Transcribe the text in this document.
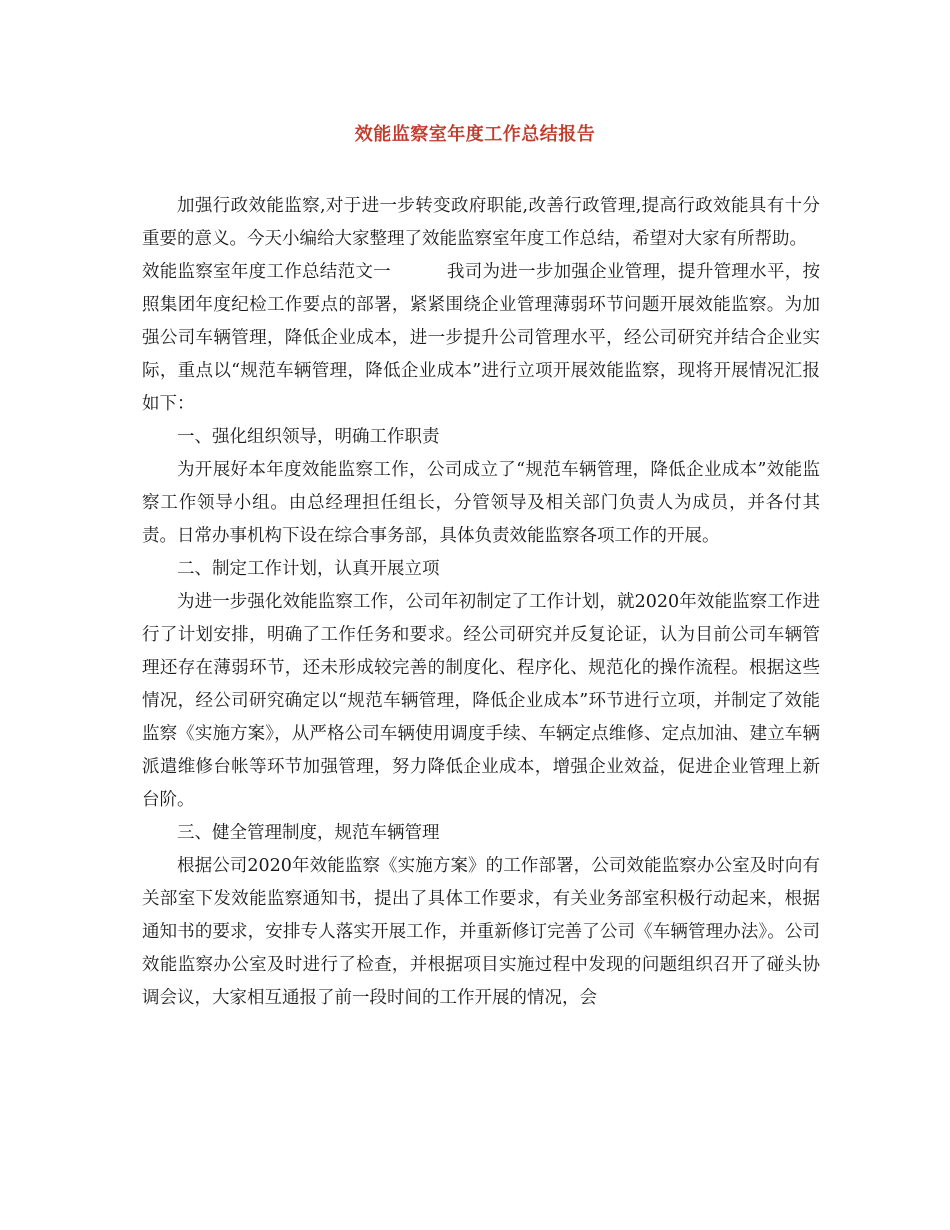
效能监察室年度工作总结报告

加强行政效能监察,对于进一步转变政府职能,改善行政管理,提高行政效能具有十分重要的意义。今天小编给大家整理了效能监察室年度工作总结，希望对大家有所帮助。

效能监察室年度工作总结范文一	我司为进一步加强企业管理，提升管理水平，按照集团年度纪检工作要点的部署，紧紧围绕企业管理薄弱环节问题开展效能监察。为加强公司车辆管理，降低企业成本，进一步提升公司管理水平，经公司研究并结合企业实际，重点以“规范车辆管理，降低企业成本”进行立项开展效能监察，现将开展情况汇报如下：

一、强化组织领导，明确工作职责

为开展好本年度效能监察工作，公司成立了“规范车辆管理，降低企业成本”效能监察工作领导小组。由总经理担任组长，分管领导及相关部门负责人为成员，并各付其责。日常办事机构下设在综合事务部，具体负责效能监察各项工作的开展。

二、制定工作计划，认真开展立项

为进一步强化效能监察工作，公司年初制定了工作计划，就2020年效能监察工作进行了计划安排，明确了工作任务和要求。经公司研究并反复论证，认为目前公司车辆管理还存在薄弱环节，还未形成较完善的制度化、程序化、规范化的操作流程。根据这些情况，经公司研究确定以“规范车辆管理，降低企业成本”环节进行立项，并制定了效能监察《实施方案》，从严格公司车辆使用调度手续、车辆定点维修、定点加油、建立车辆派遣维修台帐等环节加强管理，努力降低企业成本，增强企业效益，促进企业管理上新台阶。

三、健全管理制度，规范车辆管理

根据公司2020年效能监察《实施方案》的工作部署，公司效能监察办公室及时向有关部室下发效能监察通知书，提出了具体工作要求，有关业务部室积极行动起来，根据通知书的要求，安排专人落实开展工作，并重新修订完善了公司《车辆管理办法》。公司效能监察办公室及时进行了检查，并根据项目实施过程中发现的问题组织召开了碰头协调会议，大家相互通报了前一段时间的工作开展的情况，会
